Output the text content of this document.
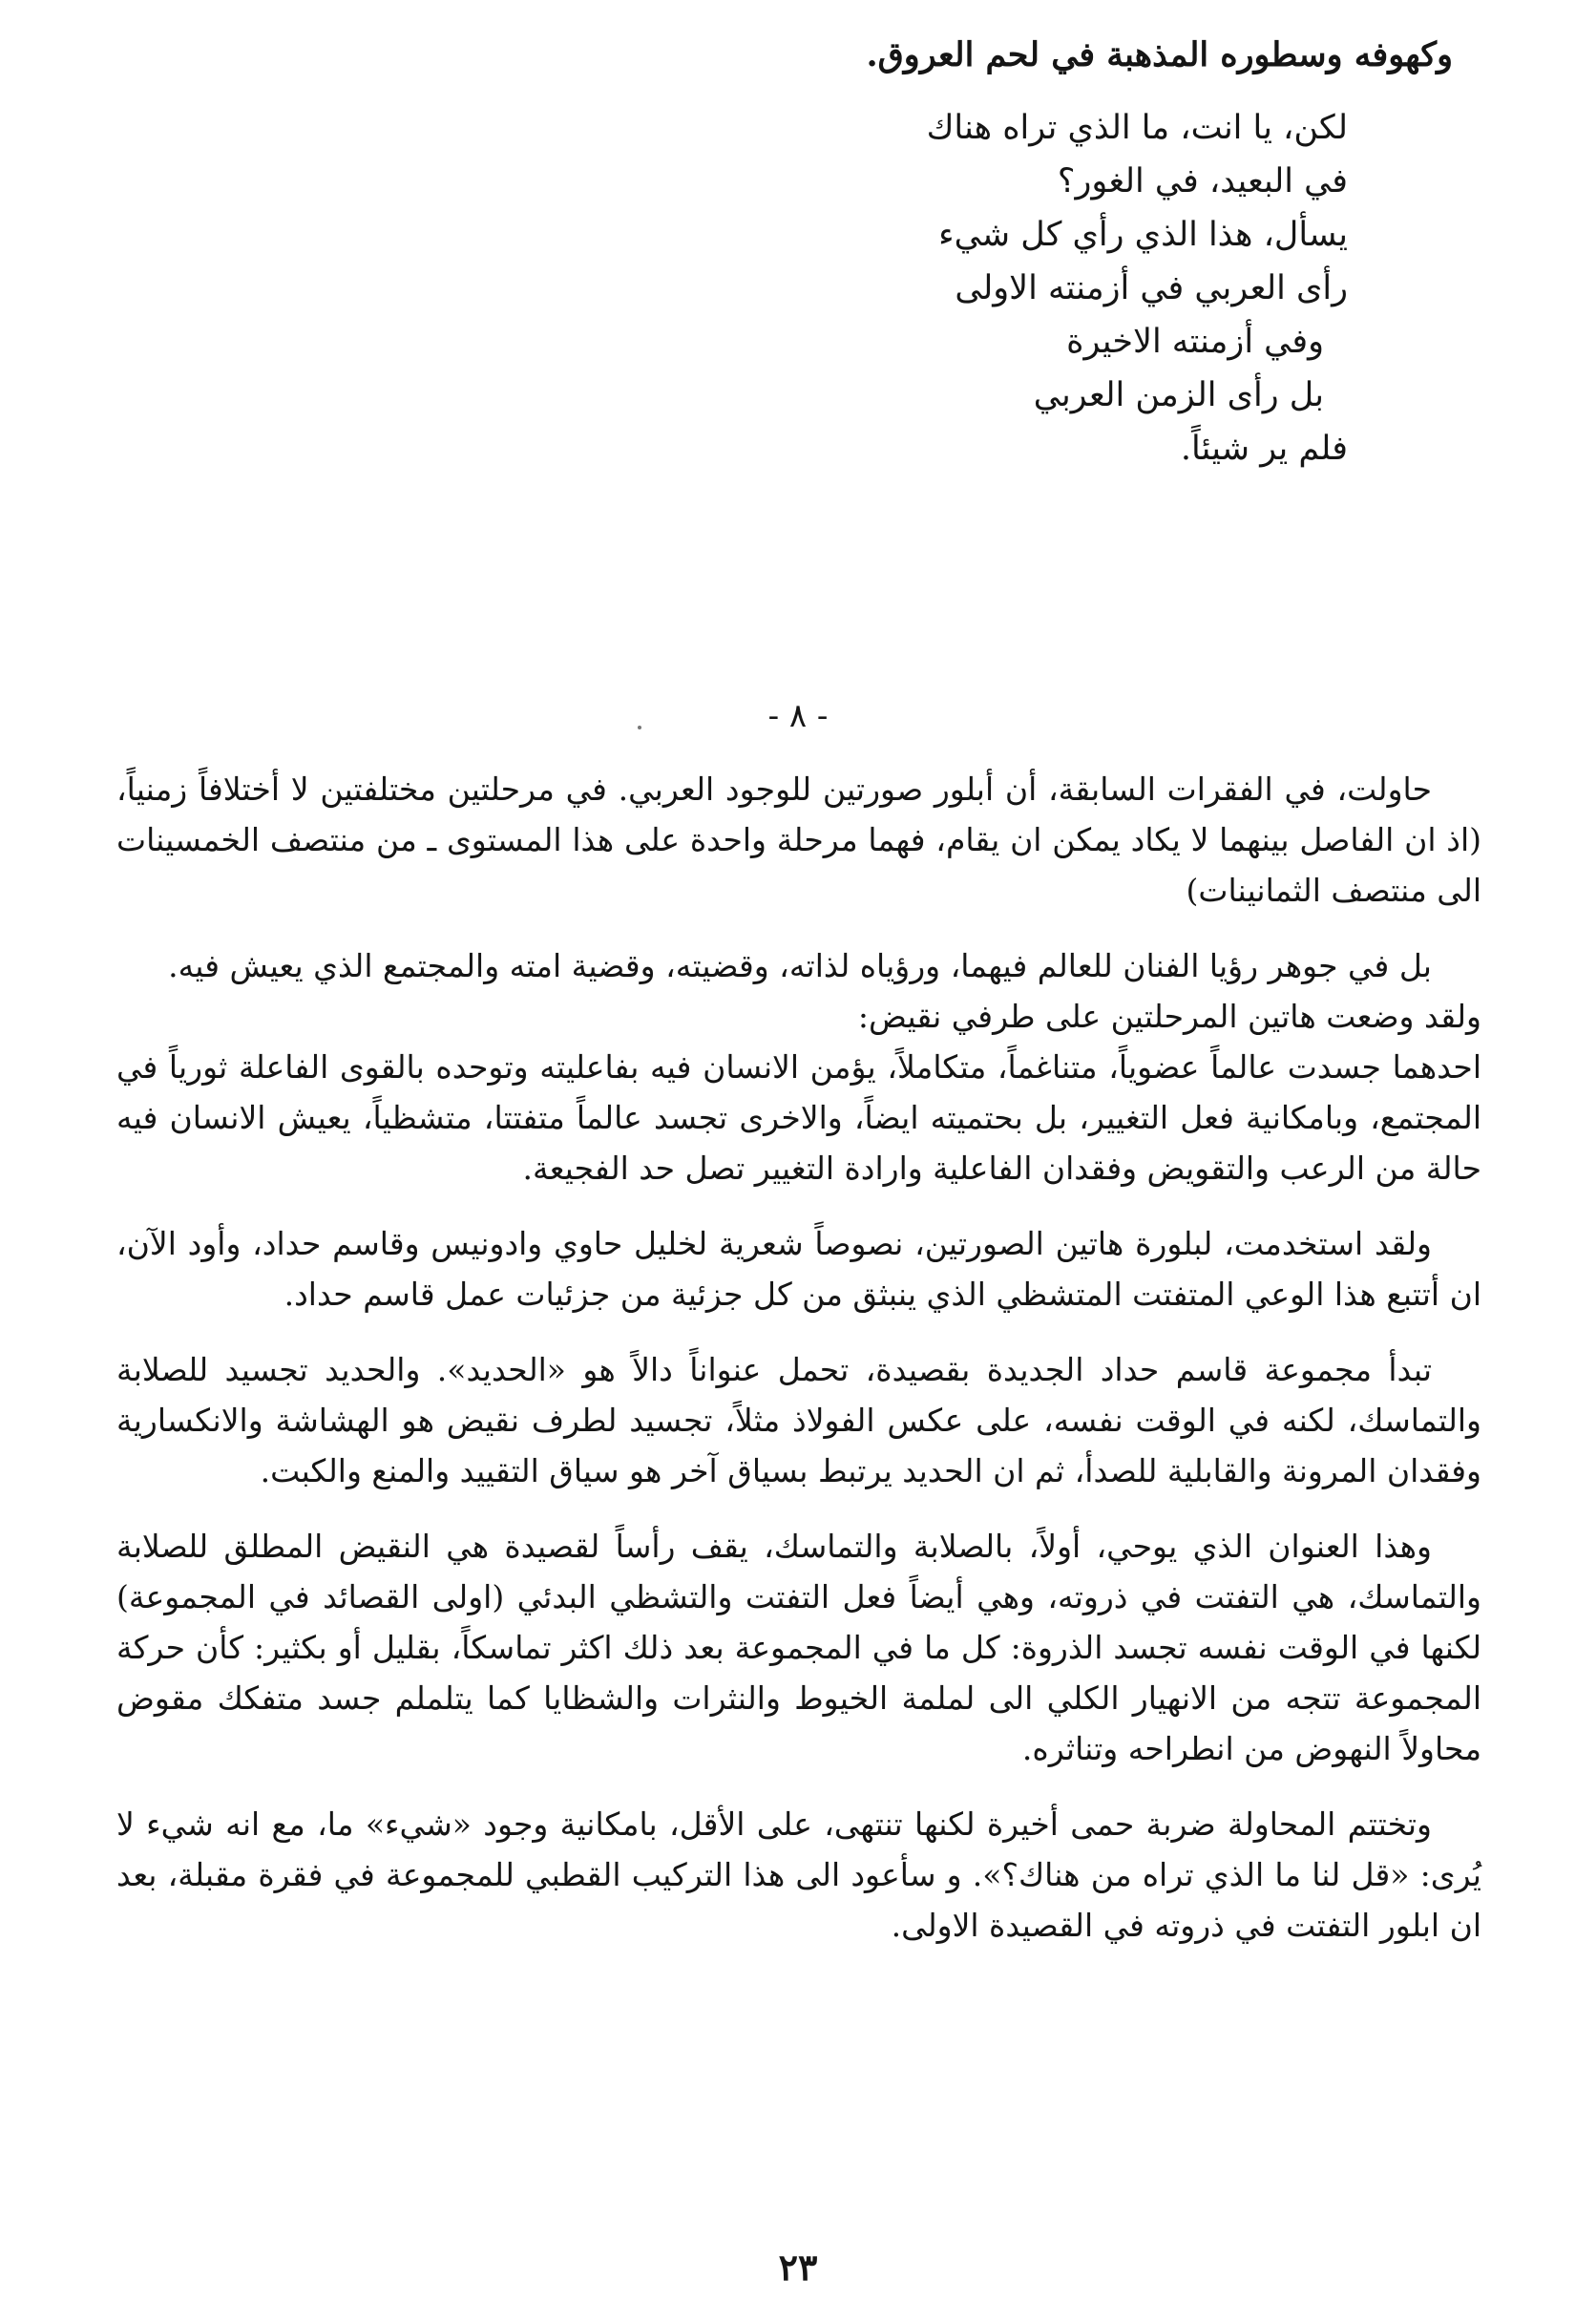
وكهوفه وسطوره المذهبة في لحم العروق.
لكن، يا انت، ما الذي تراه هناك
في البعيد، في الغور؟
يسأل، هذا الذي رأي كل شيء
رأى العربي في أزمنته الاولى
وفي أزمنته الاخيرة
بل رأى الزمن العربي
فلم ير شيئاً.
- ٨ -

حاولت، في الفقرات السابقة، أن أبلور صورتين للوجود العربي. في مرحلتين مختلفتين لا أختلافاً زمنياً، (اذ ان الفاصل بينهما لا يكاد يمكن ان يقام، فهما مرحلة واحدة على هذا المستوى ـ من منتصف الخمسينات الى منتصف الثمانينات)

بل في جوهر رؤيا الفنان للعالم فيهما، ورؤياه لذاته، وقضيته، وقضية امته والمجتمع الذي يعيش فيه.

ولقد وضعت هاتين المرحلتين على طرفي نقيض:

احدهما جسدت عالماً عضوياً، متناغماً، متكاملاً، يؤمن الانسان فيه بفاعليته وتوحده بالقوى الفاعلة ثورياً في المجتمع، وبامكانية فعل التغيير، بل بحتميته ايضاً، والاخرى تجسد عالماً متفتتا، متشظياً، يعيش الانسان فيه حالة من الرعب والتقويض وفقدان الفاعلية وارادة التغيير تصل حد الفجيعة.

ولقد استخدمت، لبلورة هاتين الصورتين، نصوصاً شعرية لخليل حاوي وادونيس وقاسم حداد، وأود الآن، ان أتتبع هذا الوعي المتفتت المتشظي الذي ينبثق من كل جزئية من جزئيات عمل قاسم حداد.

تبدأ مجموعة قاسم حداد الجديدة بقصيدة، تحمل عنواناً دالاً هو «الحديد». والحديد تجسيد للصلابة والتماسك، لكنه في الوقت نفسه، على عكس الفولاذ مثلاً، تجسيد لطرف نقيض هو الهشاشة والانكسارية وفقدان المرونة والقابلية للصدأ، ثم ان الحديد يرتبط بسياق آخر هو سياق التقييد والمنع والكبت.

وهذا العنوان الذي يوحي، أولاً، بالصلابة والتماسك، يقف رأساً لقصيدة هي النقيض المطلق للصلابة والتماسك، هي التفتت في ذروته، وهي أيضاً فعل التفتت والتشظي البدئي (اولى القصائد في المجموعة) لكنها في الوقت نفسه تجسد الذروة: كل ما في المجموعة بعد ذلك اكثر تماسكاً، بقليل أو بكثير: كأن حركة المجموعة تتجه من الانهيار الكلي الى لملمة الخيوط والنثرات والشظايا كما يتلملم جسد متفكك مقوض محاولاً النهوض من انطراحه وتناثره.

وتختتم المحاولة ضربة حمى أخيرة لكنها تنتهى، على الأقل، بامكانية وجود «شيء» ما، مع انه شيء لا يُرى: «قل لنا ما الذي تراه من هناك؟». و سأعود الى هذا التركيب القطبي للمجموعة في فقرة مقبلة، بعد ان ابلور التفتت في ذروته في القصيدة الاولى.

٢٣
